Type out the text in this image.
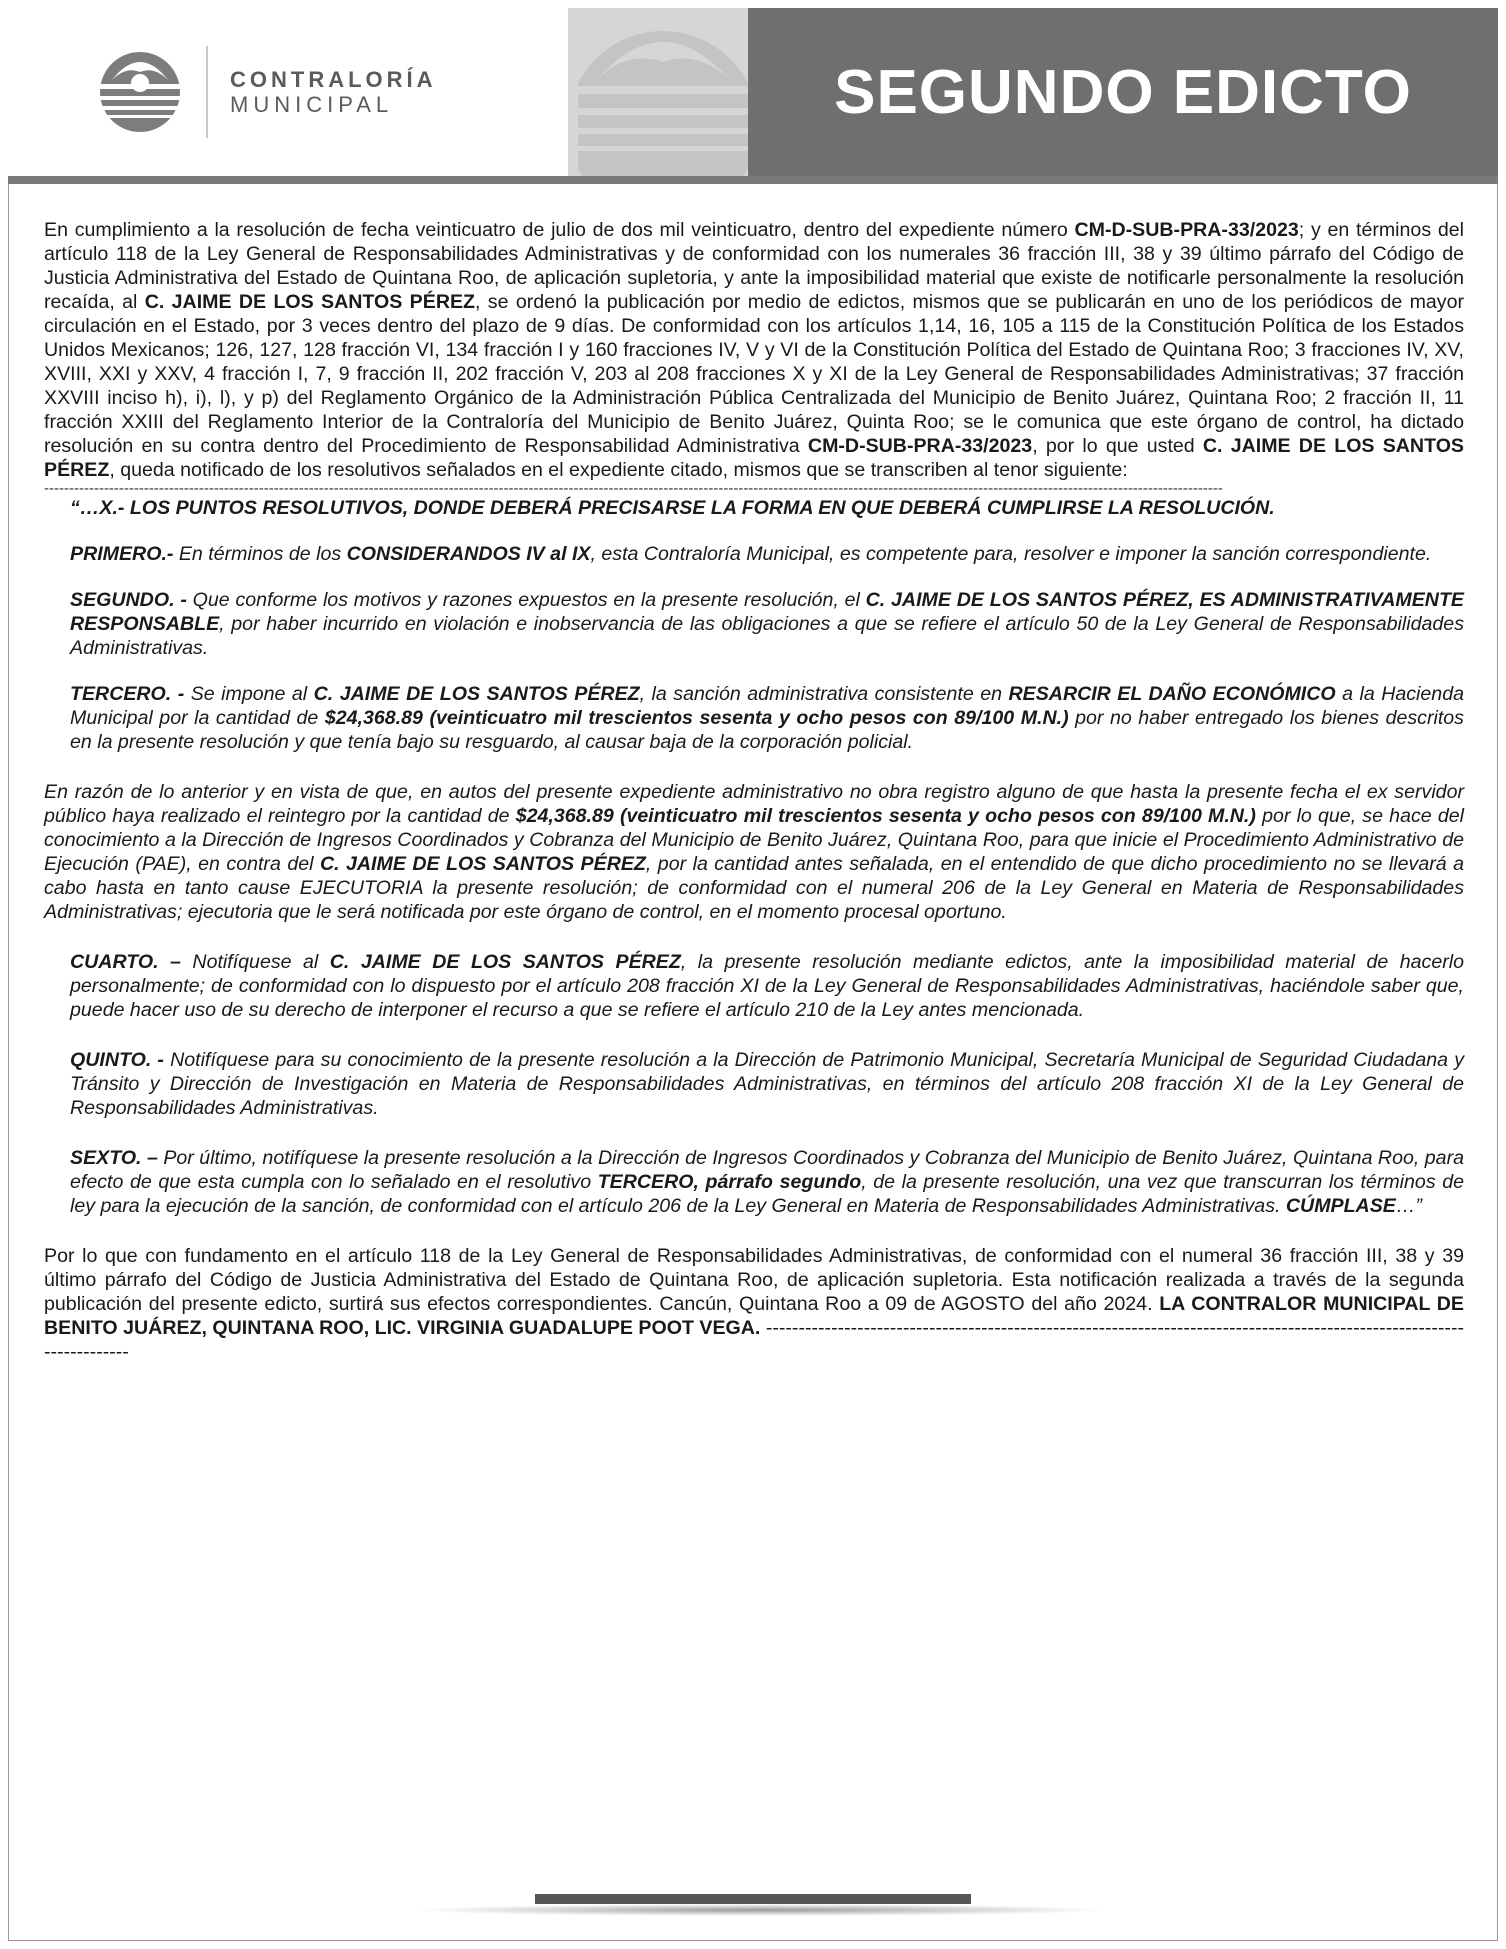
CONTRALORÍA
MUNICIPAL	SEGUNDO EDICTO

En cumplimiento a la resolución de fecha veinticuatro de julio de dos mil veinticuatro, dentro del expediente número CM-D-SUB-PRA-33/2023; y en términos del artículo 118 de la Ley General de Responsabilidades Administrativas y de conformidad con los numerales 36 fracción III, 38 y 39 último párrafo del Código de Justicia Administrativa del Estado de Quintana Roo, de aplicación supletoria, y ante la imposibilidad material que existe de notificarle personalmente la resolución recaída, al C. JAIME DE LOS SANTOS PÉREZ, se ordenó la publicación por medio de edictos, mismos que se publicarán en uno de los periódicos de mayor circulación en el Estado, por 3 veces dentro del plazo de 9 días. De conformidad con los artículos 1,14, 16, 105 a 115 de la Constitución Política de los Estados Unidos Mexicanos; 126, 127, 128 fracción VI, 134 fracción I y 160 fracciones IV, V y VI de la Constitución Política del Estado de Quintana Roo; 3 fracciones IV, XV, XVIII, XXI y XXV, 4 fracción I, 7, 9 fracción II, 202 fracción V, 203 al 208 fracciones X y XI de la Ley General de Responsabilidades Administrativas; 37 fracción XXVIII inciso h), i), l), y p) del Reglamento Orgánico de la Administración Pública Centralizada del Municipio de Benito Juárez, Quintana Roo; 2 fracción II, 11 fracción XXIII del Reglamento Interior de la Contraloría del Municipio de Benito Juárez, Quinta Roo; se le comunica que este órgano de control, ha dictado resolución en su contra dentro del Procedimiento de Responsabilidad Administrativa CM-D-SUB-PRA-33/2023, por lo que usted C. JAIME DE LOS SANTOS PÉREZ, queda notificado de los resolutivos señalados en el expediente citado, mismos que se transcriben al tenor siguiente:

--------------------------------------------------------------------------------------------------------------------------------------------------------------------------------------------------------------------------------------------

“…X.- LOS PUNTOS RESOLUTIVOS, DONDE DEBERÁ PRECISARSE LA FORMA EN QUE DEBERÁ CUMPLIRSE LA RESOLUCIÓN.

PRIMERO.- En términos de los CONSIDERANDOS IV al IX, esta Contraloría Municipal, es competente para, resolver e imponer la sanción correspondiente.

SEGUNDO. - Que conforme los motivos y razones expuestos en la presente resolución, el C. JAIME DE LOS SANTOS PÉREZ, ES ADMINISTRATIVAMENTE RESPONSABLE, por haber incurrido en violación e inobservancia de las obligaciones a que se refiere el artículo 50 de la Ley General de Responsabilidades Administrativas.

TERCERO. - Se impone al C. JAIME DE LOS SANTOS PÉREZ, la sanción administrativa consistente en RESARCIR EL DAÑO ECONÓMICO a la Hacienda Municipal por la cantidad de $24,368.89 (veinticuatro mil trescientos sesenta y ocho pesos con 89/100 M.N.) por no haber entregado los bienes descritos en la presente resolución y que tenía bajo su resguardo, al causar baja de la corporación policial.

En razón de lo anterior y en vista de que, en autos del presente expediente administrativo no obra registro alguno de que hasta la presente fecha el ex servidor público haya realizado el reintegro por la cantidad de $24,368.89 (veinticuatro mil trescientos sesenta y ocho pesos con 89/100 M.N.) por lo que, se hace del conocimiento a la Dirección de Ingresos Coordinados y Cobranza del Municipio de Benito Juárez, Quintana Roo, para que inicie el Procedimiento Administrativo de Ejecución (PAE), en contra del C. JAIME DE LOS SANTOS PÉREZ, por la cantidad antes señalada, en el entendido de que dicho procedimiento no se llevará a cabo hasta en tanto cause EJECUTORIA la presente resolución; de conformidad con el numeral 206 de la Ley General en Materia de Responsabilidades Administrativas; ejecutoria que le será notificada por este órgano de control, en el momento procesal oportuno.

CUARTO. – Notifíquese al C. JAIME DE LOS SANTOS PÉREZ, la presente resolución mediante edictos, ante la imposibilidad material de hacerlo personalmente; de conformidad con lo dispuesto por el artículo 208 fracción XI de la Ley General de Responsabilidades Administrativas, haciéndole saber que, puede hacer uso de su derecho de interponer el recurso a que se refiere el artículo 210 de la Ley antes mencionada.

QUINTO. - Notifíquese para su conocimiento de la presente resolución a la Dirección de Patrimonio Municipal, Secretaría Municipal de Seguridad Ciudadana y Tránsito y Dirección de Investigación en Materia de Responsabilidades Administrativas, en términos del artículo 208 fracción XI de la Ley General de Responsabilidades Administrativas.

SEXTO. – Por último, notifíquese la presente resolución a la Dirección de Ingresos Coordinados y Cobranza del Municipio de Benito Juárez, Quintana Roo, para efecto de que esta cumpla con lo señalado en el resolutivo TERCERO, párrafo segundo, de la presente resolución, una vez que transcurran los términos de ley para la ejecución de la sanción, de conformidad con el artículo 206 de la Ley General en Materia de Responsabilidades Administrativas. CÚMPLASE…”

Por lo que con fundamento en el artículo 118 de la Ley General de Responsabilidades Administrativas, de conformidad con el numeral 36 fracción III, 38 y 39 último párrafo del Código de Justicia Administrativa del Estado de Quintana Roo, de aplicación supletoria. Esta notificación realizada a través de la segunda publicación del presente edicto, surtirá sus efectos correspondientes. Cancún, Quintana Roo a 09 de AGOSTO del año 2024. LA CONTRALOR MUNICIPAL DE BENITO JUÁREZ, QUINTANA ROO, LIC. VIRGINIA GUADALUPE POOT VEGA. ------------------------------------------------------------------------------------------------------------------------
